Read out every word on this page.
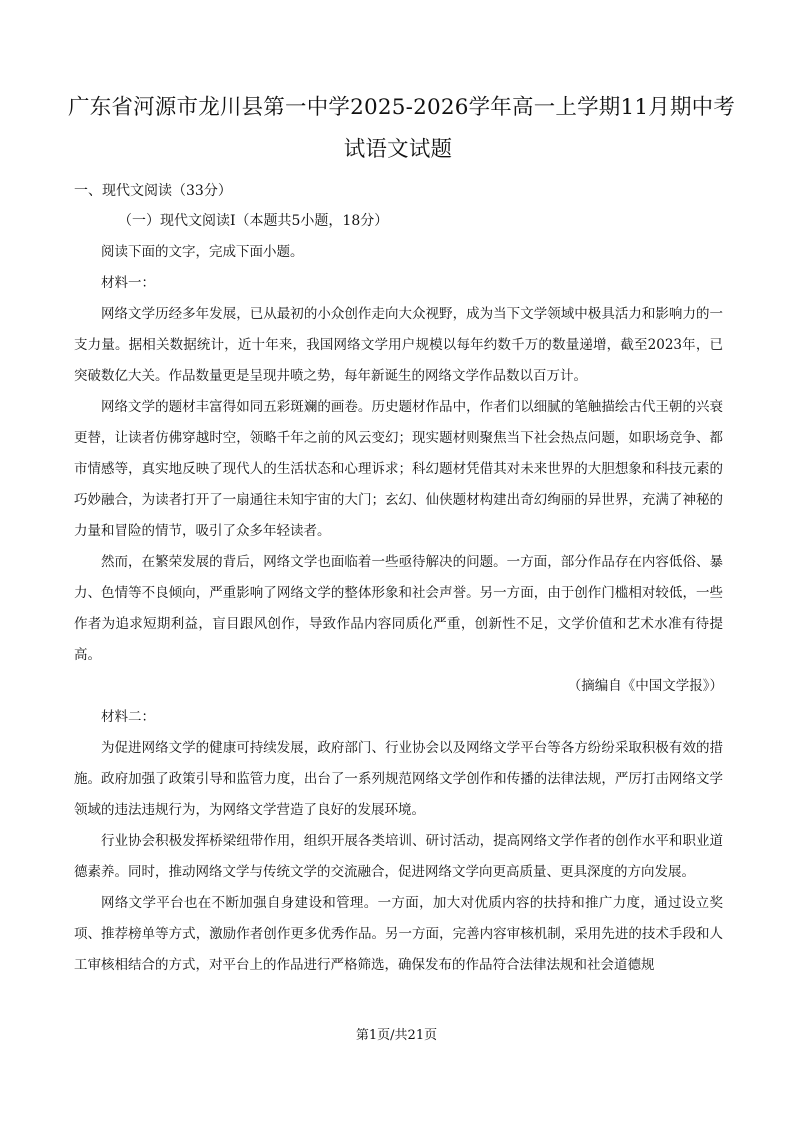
广东省河源市龙川县第一中学2025-2026学年高一上学期11月期中考
试语文试题
一、现代文阅读（33分）
（一）现代文阅读Ⅰ（本题共5小题，18分）

阅读下面的文字，完成下面小题。

材料一：

网络文学历经多年发展，已从最初的小众创作走向大众视野，成为当下文学领域中极具活力和影响力的一支力量。据相关数据统计，近十年来，我国网络文学用户规模以每年约数千万的数量递增，截至2023年，已突破数亿大关。作品数量更是呈现井喷之势，每年新诞生的网络文学作品数以百万计。

网络文学的题材丰富得如同五彩斑斓的画卷。历史题材作品中，作者们以细腻的笔触描绘古代王朝的兴衰更替，让读者仿佛穿越时空，领略千年之前的风云变幻；现实题材则聚焦当下社会热点问题，如职场竞争、都市情感等，真实地反映了现代人的生活状态和心理诉求；科幻题材凭借其对未来世界的大胆想象和科技元素的巧妙融合，为读者打开了一扇通往未知宇宙的大门；玄幻、仙侠题材构建出奇幻绚丽的异世界，充满了神秘的力量和冒险的情节，吸引了众多年轻读者。

然而，在繁荣发展的背后，网络文学也面临着一些亟待解决的问题。一方面，部分作品存在内容低俗、暴力、色情等不良倾向，严重影响了网络文学的整体形象和社会声誉。另一方面，由于创作门槛相对较低，一些作者为追求短期利益，盲目跟风创作，导致作品内容同质化严重，创新性不足，文学价值和艺术水准有待提高。

（摘编自《中国文学报》）

材料二：

为促进网络文学的健康可持续发展，政府部门、行业协会以及网络文学平台等各方纷纷采取积极有效的措施。政府加强了政策引导和监管力度，出台了一系列规范网络文学创作和传播的法律法规，严厉打击网络文学领域的违法违规行为，为网络文学营造了良好的发展环境。

行业协会积极发挥桥梁纽带作用，组织开展各类培训、研讨活动，提高网络文学作者的创作水平和职业道德素养。同时，推动网络文学与传统文学的交流融合，促进网络文学向更高质量、更具深度的方向发展。

网络文学平台也在不断加强自身建设和管理。一方面，加大对优质内容的扶持和推广力度，通过设立奖项、推荐榜单等方式，激励作者创作更多优秀作品。另一方面，完善内容审核机制，采用先进的技术手段和人工审核相结合的方式，对平台上的作品进行严格筛选，确保发布的作品符合法律法规和社会道德规

第1页/共21页
